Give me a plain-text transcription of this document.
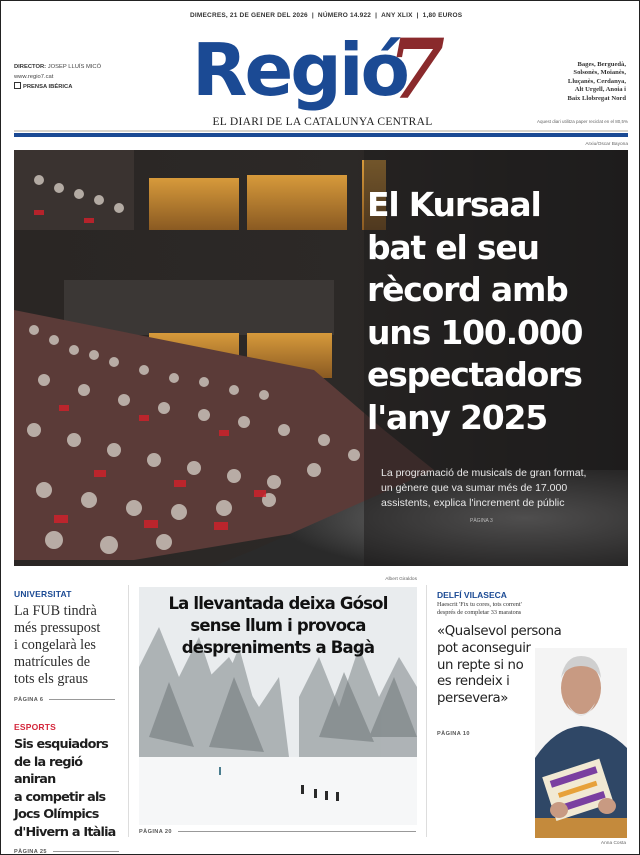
DIMECRES, 21 DE GENER DEL 2026  |  NÚMERO 14.922  |  ANY XLIX  |  1,80 EUROS
Regió
7
EL DIARI DE LA CATALUNYA CENTRAL
DIRECTOR: JOSEP LLUÍS MICÓ
www.regio7.cat
PRENSA IBÉRICA
Bages, Berguedà,
Solsonès, Moianès,
Lluçanès, Cerdanya,
Alt Urgell, Anoia i
Baix Llobregat Nord
Aquest diari utilitza paper reciclat en el 80,5%
Arxiu/Oscar Bayona
El Kursaal
bat el seu
rècord amb
uns 100.000
espectadors
l'any 2025
La programació de musicals de gran format,
un gènere que va sumar més de 17.000
assistents, explica l'increment de públic
PÀGINA 3
UNIVERSITAT
La FUB tindrà
més pressupost
i congelarà les
matrícules de
tots els graus
PÀGINA 6
ESPORTS
Sis esquiadors
de la regió aniran
a competir als
Jocs Olímpics
d'Hivern a Itàlia
PÀGINA 25
Albert Giraldos
La llevantada deixa Gósol
sense llum i provoca
despreniments a Bagà
PÀGINA 20
DELFÍ VILASECA
Haescrit 'Fix tu cores, tots corrent'
després de completar 33 maratons
«Qualsevol persona
pot aconseguir
un repte si no
es rendeix i
persevera»
PÀGINA 10
Anna Costa
